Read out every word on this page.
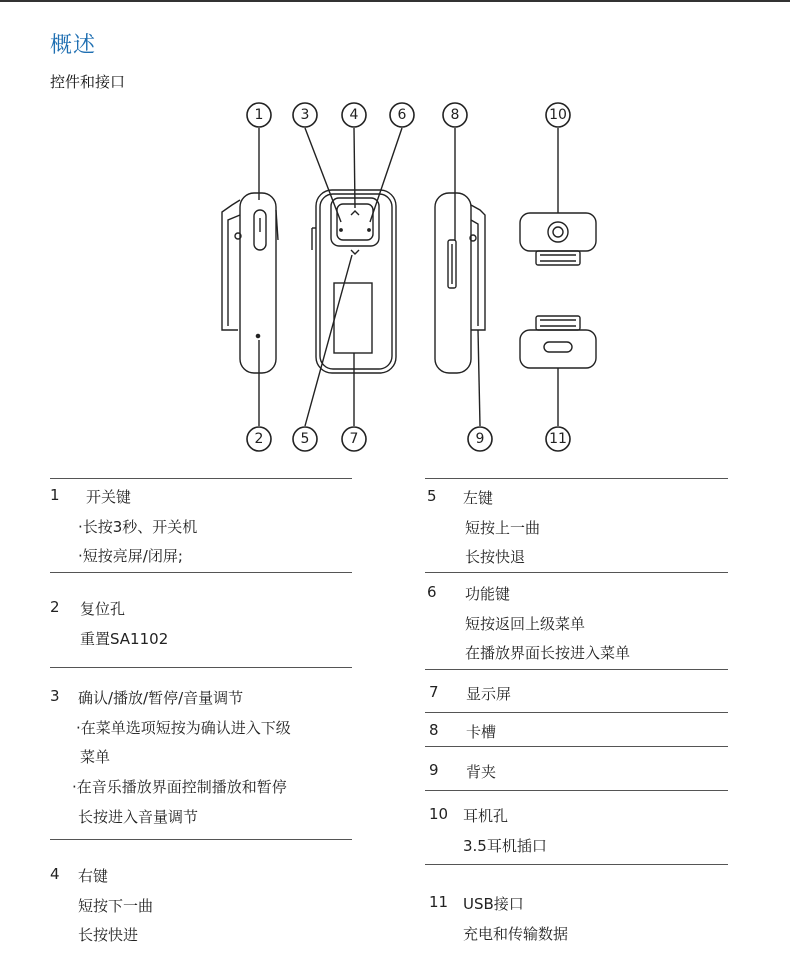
概述
控件和接口
1	3	4	6	8	10
2	5	7	9	11
1 开关键
·长按3秒、开关机
·短按亮屏/闭屏;
2 复位孔
重置SA1102
3 确认/播放/暂停/音量调节
·在菜单选项短按为确认进入下级
菜单
·在音乐播放界面控制播放和暂停
长按进入音量调节
4 右键
短按下一曲
长按快进
5 左键
短按上一曲
长按快退
6 功能键
短按返回上级菜单
在播放界面长按进入菜单
7 显示屏
8 卡槽
9 背夹
10 耳机孔
3.5耳机插口
11 USB接口
充电和传输数据
